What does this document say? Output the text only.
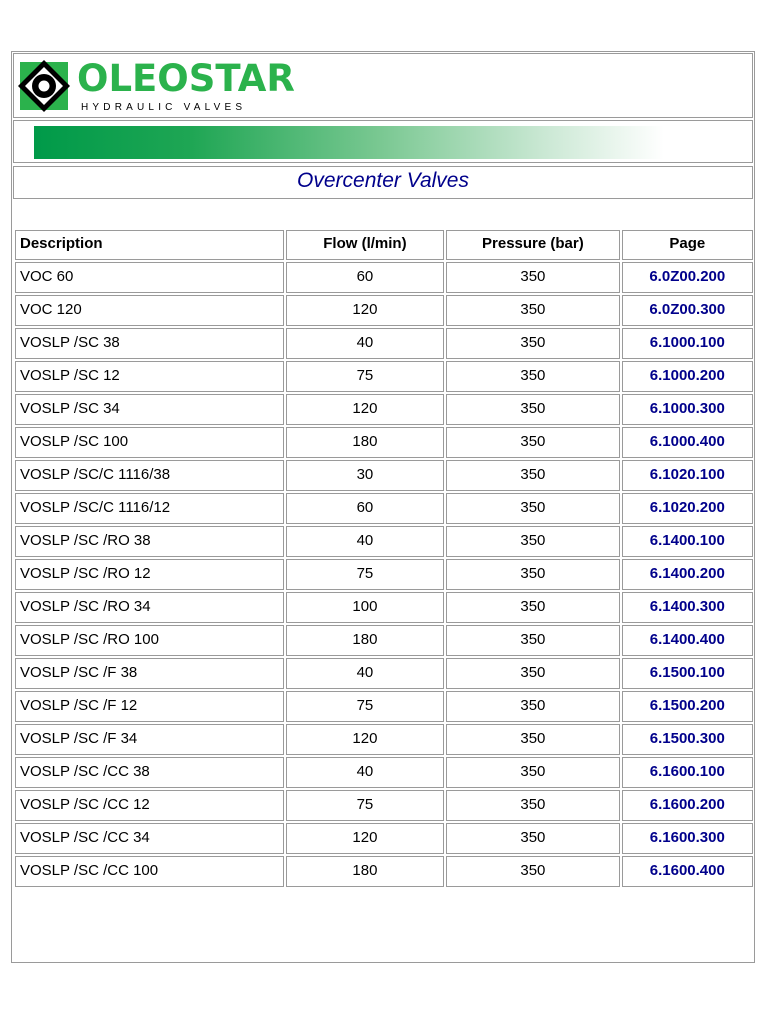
OLEOSTAR
HYDRAULIC VALVES
Overcenter Valves
Description	Flow (l/min)	Pressure (bar)	Page
VOC 60	60	350	6.0Z00.200
VOC 120	120	350	6.0Z00.300
VOSLP /SC 38	40	350	6.1000.100
VOSLP /SC 12	75	350	6.1000.200
VOSLP /SC 34	120	350	6.1000.300
VOSLP /SC 100	180	350	6.1000.400
VOSLP /SC/C 1116/38	30	350	6.1020.100
VOSLP /SC/C 1116/12	60	350	6.1020.200
VOSLP /SC /RO 38	40	350	6.1400.100
VOSLP /SC /RO 12	75	350	6.1400.200
VOSLP /SC /RO 34	100	350	6.1400.300
VOSLP /SC /RO 100	180	350	6.1400.400
VOSLP /SC /F 38	40	350	6.1500.100
VOSLP /SC /F 12	75	350	6.1500.200
VOSLP /SC /F 34	120	350	6.1500.300
VOSLP /SC /CC 38	40	350	6.1600.100
VOSLP /SC /CC 12	75	350	6.1600.200
VOSLP /SC /CC 34	120	350	6.1600.300
VOSLP /SC /CC 100	180	350	6.1600.400
